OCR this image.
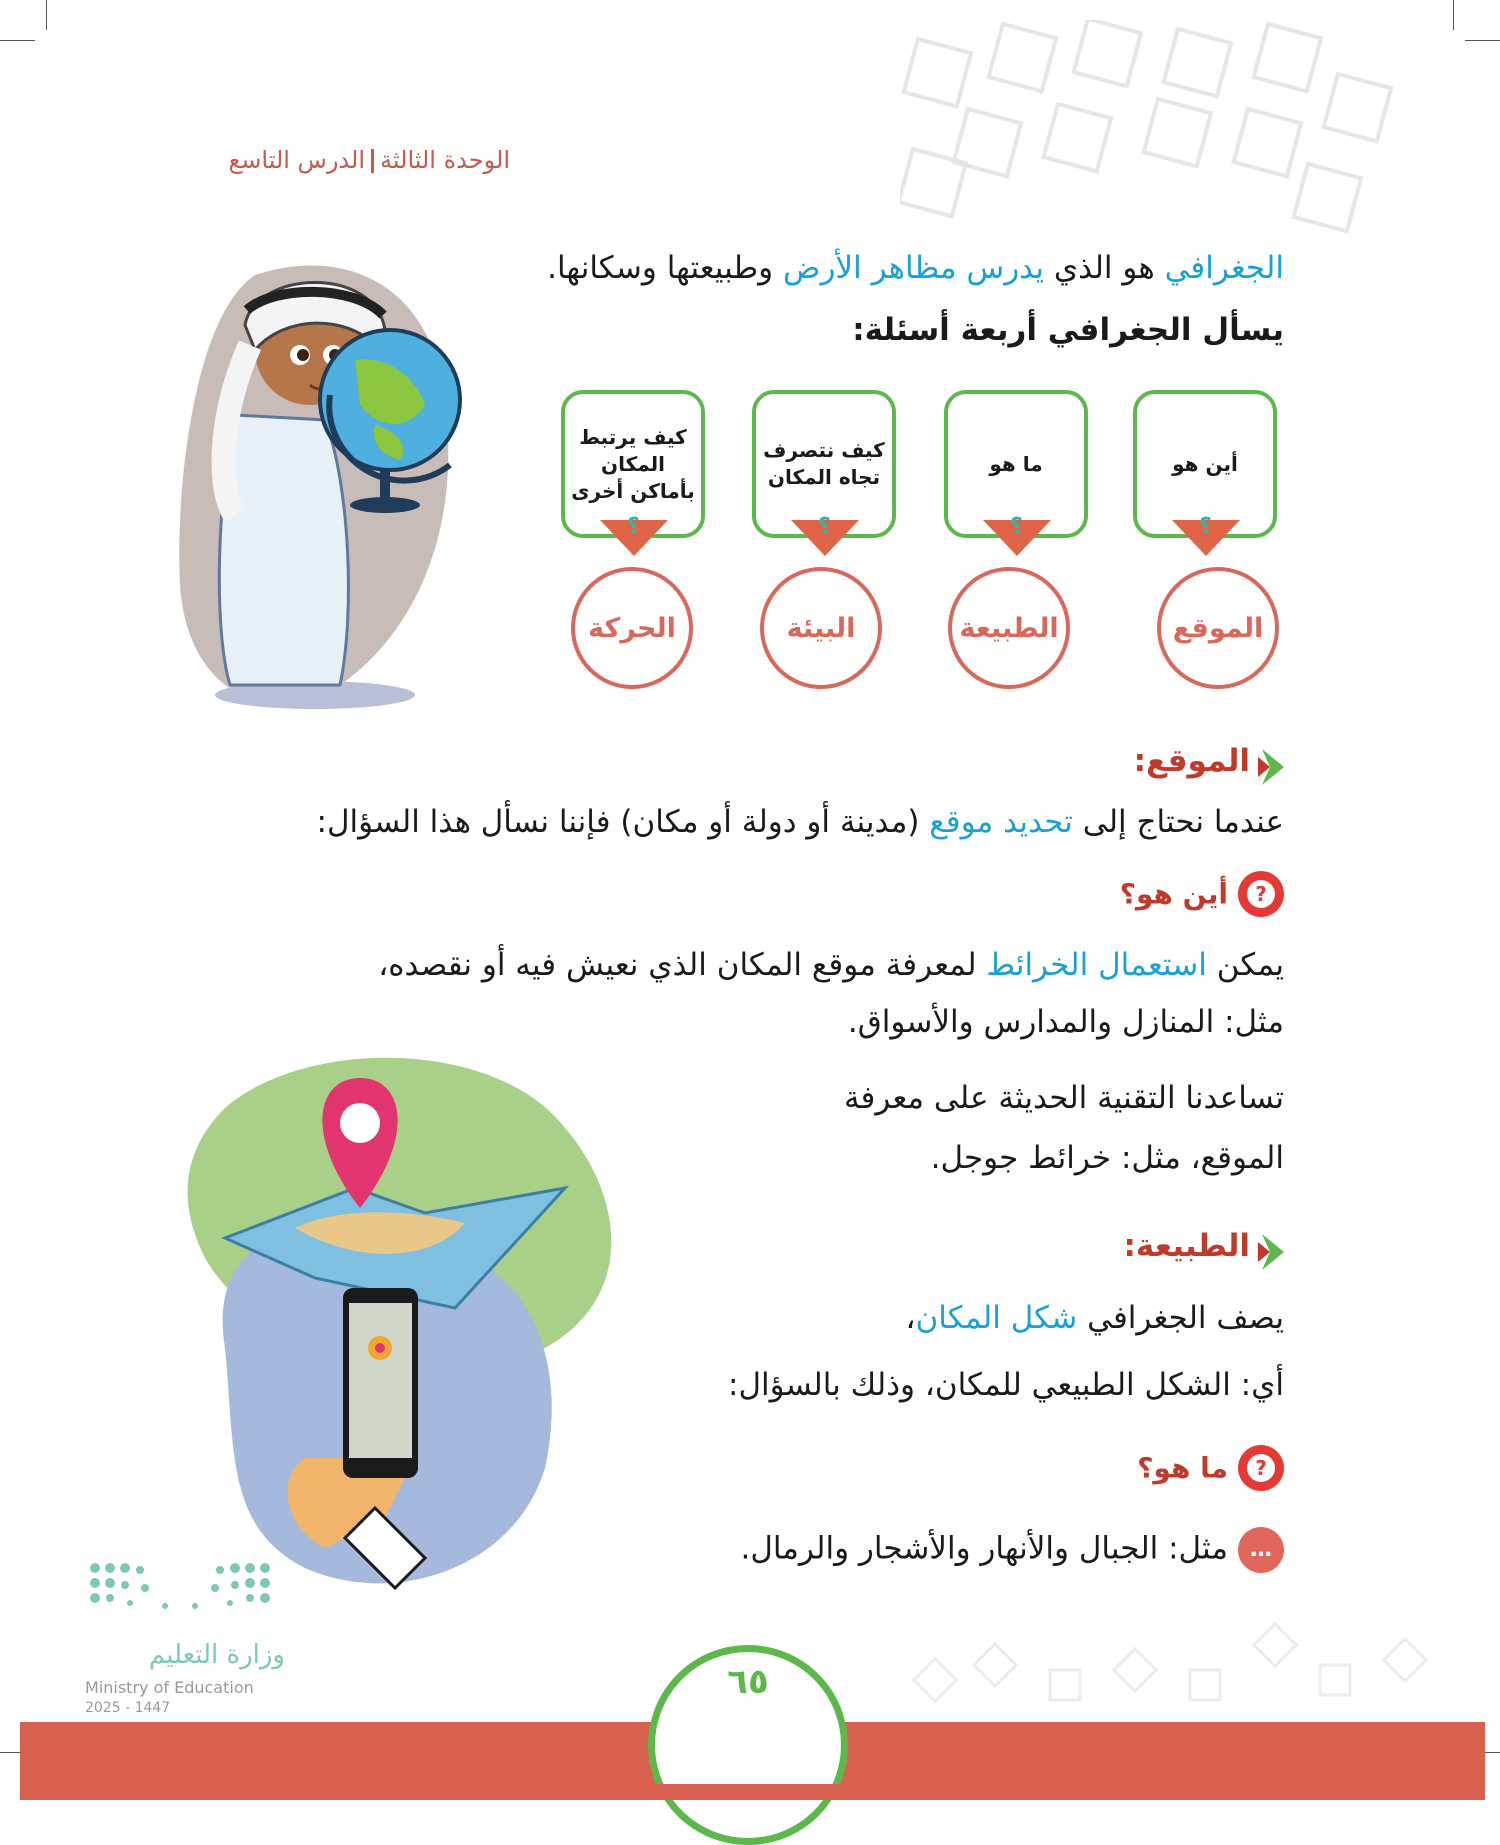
الوحدة الثالثةالدرس التاسع
الجغرافي هو الذي يدرس مظاهر الأرض وطبيعتها وسكانها.
يسأل الجغرافي أربعة أسئلة:
أين هو
ما هو
كيف نتصرف تجاه المكان
كيف يرتبط المكان بأماكن أخرى
؟
؟
؟
؟
الموقع
الطبيعة
البيئة
الحركة
الموقع:
عندما نحتاج إلى تحديد موقع (مدينة أو دولة أو مكان) فإننا نسأل هذا السؤال:
?
أين هو؟
يمكن استعمال الخرائط لمعرفة موقع المكان الذي نعيش فيه أو نقصده،
مثل: المنازل والمدارس والأسواق.
تساعدنا التقنية الحديثة على معرفة
الموقع، مثل: خرائط جوجل.
الطبيعة:
يصف الجغرافي شكل المكان،
أي: الشكل الطبيعي للمكان، وذلك بالسؤال:
?
ما هو؟
…مثل: الجبال والأنهار والأشجار والرمال.
وزارة التعليم
Ministry of Education
2025 - 1447
٦٥
